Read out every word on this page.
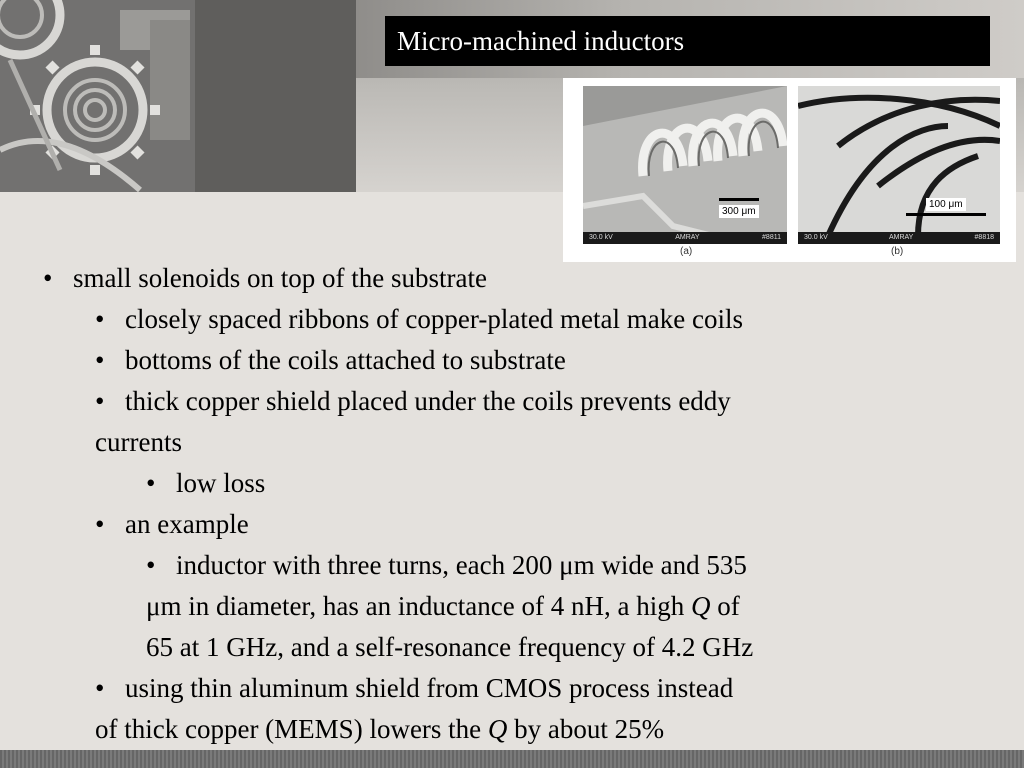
Micro-machined inductors
300 μm
30.0 kV	AMRAY	#8811
(a)
100 μm
30.0 kV	AMRAY	#8818
(b)
• small solenoids on top of the substrate
• closely spaced ribbons of copper-plated metal make coils
• bottoms of the coils attached to substrate
• thick copper shield placed under the coils prevents eddy
currents
• low loss
• an example
• inductor with three turns, each 200 μm wide and 535
μm in diameter, has an inductance of 4 nH, a high Q of
65 at 1 GHz, and a self-resonance frequency of 4.2 GHz
• using thin aluminum shield from CMOS process instead
of thick copper (MEMS) lowers the Q by about 25%
